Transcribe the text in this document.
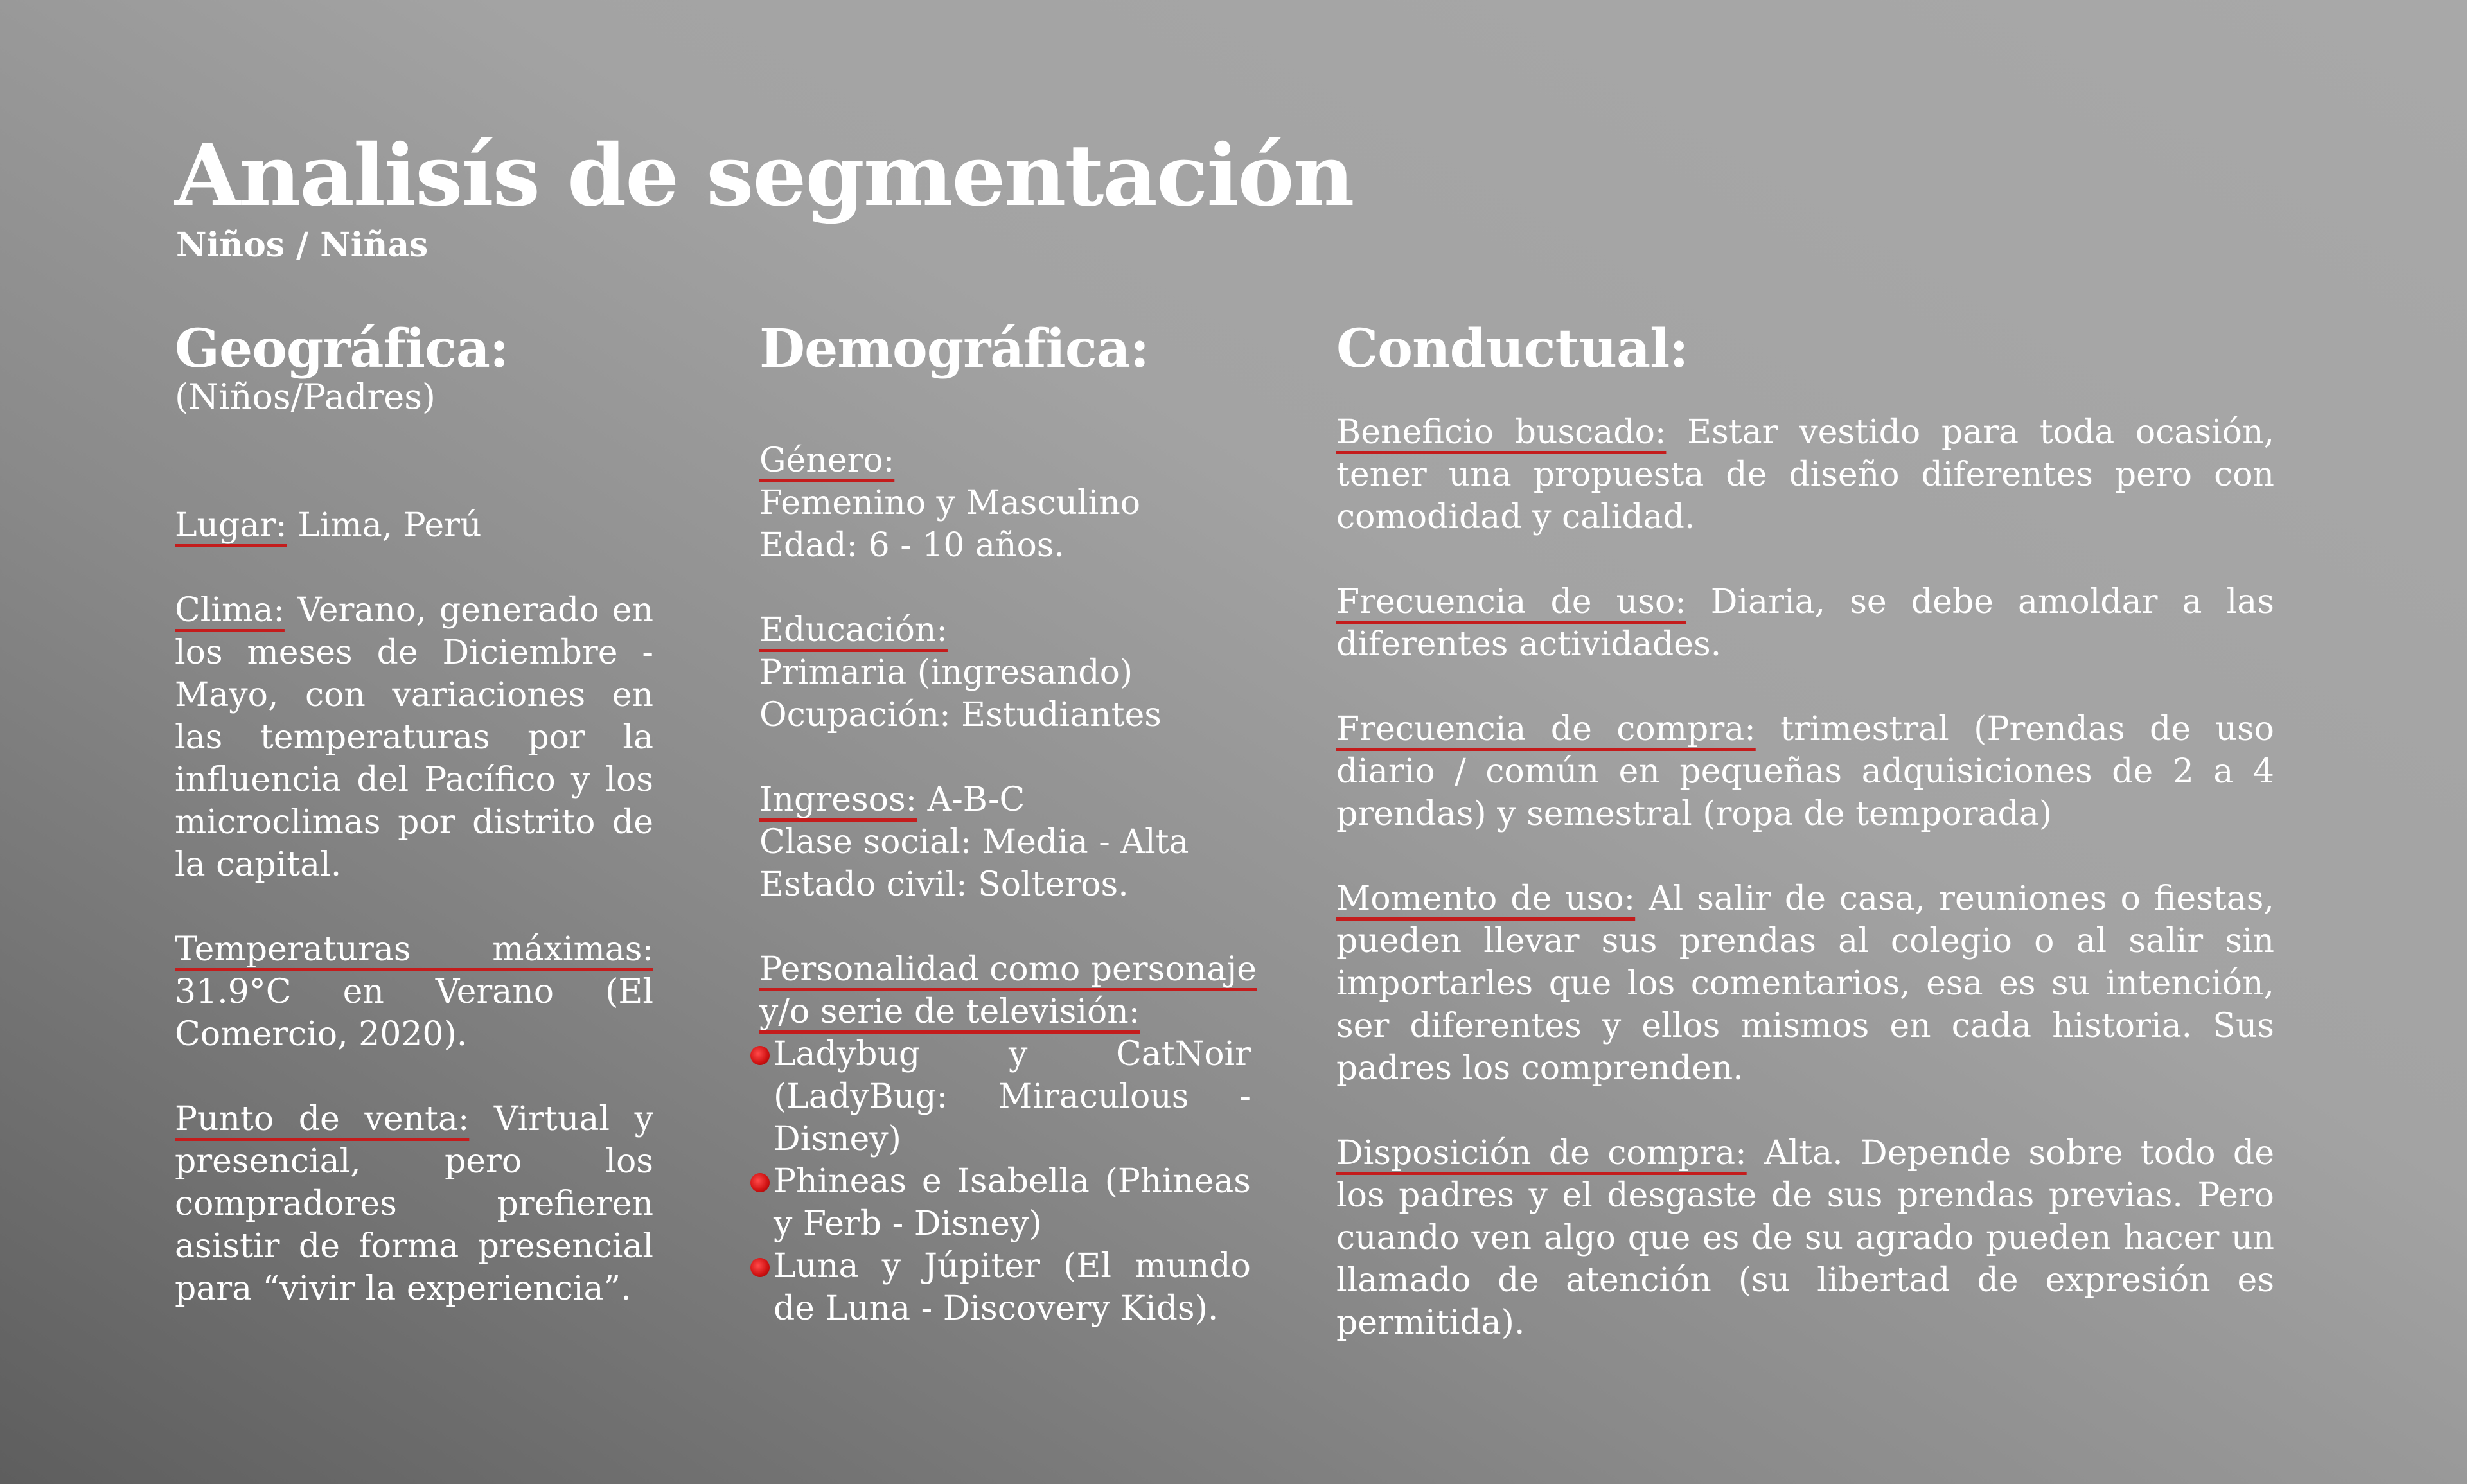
Analisís de segmentación
Niños / Niñas
Geográfica:
(Niños/Padres)
Lugar: Lima, Perú
Clima: Verano, generado en los meses de Diciembre - Mayo, con variaciones en las temperaturas por la influencia del Pacífico y los microclimas por distrito de la capital.
Temperaturas máximas: 31.9°C en Verano (El Comercio, 2020).
Punto de venta: Virtual y presencial, pero los compradores prefieren asistir de forma presencial para “vivir la experiencia”.
Demográfica:
Género:
Femenino y Masculino
Edad: 6 - 10 años.
Educación:
Primaria (ingresando)
Ocupación: Estudiantes
Ingresos: A-B-C
Clase social: Media - Alta
Estado civil: Solteros.
Personalidad como personaje
y/o serie de televisión:
Ladybug y CatNoir (LadyBug: Miraculous - Disney)
Phineas e Isabella (Phineas y Ferb - Disney)
Luna y Júpiter (El mundo de Luna - Discovery Kids).
Conductual:
Beneficio buscado: Estar vestido para toda ocasión, tener una propuesta de diseño diferentes pero con comodidad y calidad.
Frecuencia de uso: Diaria, se debe amoldar a las diferentes actividades.
Frecuencia de compra: trimestral (Prendas de uso diario / común en pequeñas adquisiciones de 2 a 4 prendas) y semestral (ropa de temporada)
Momento de uso: Al salir de casa, reuniones o fiestas, pueden llevar sus prendas al colegio o al salir sin importarles que los comentarios, esa es su intención, ser diferentes y ellos mismos en cada historia. Sus padres los comprenden.
Disposición de compra: Alta. Depende sobre todo de los padres y el desgaste de sus prendas previas. Pero cuando ven algo que es de su agrado pueden hacer un llamado de atención (su libertad de expresión es permitida).
